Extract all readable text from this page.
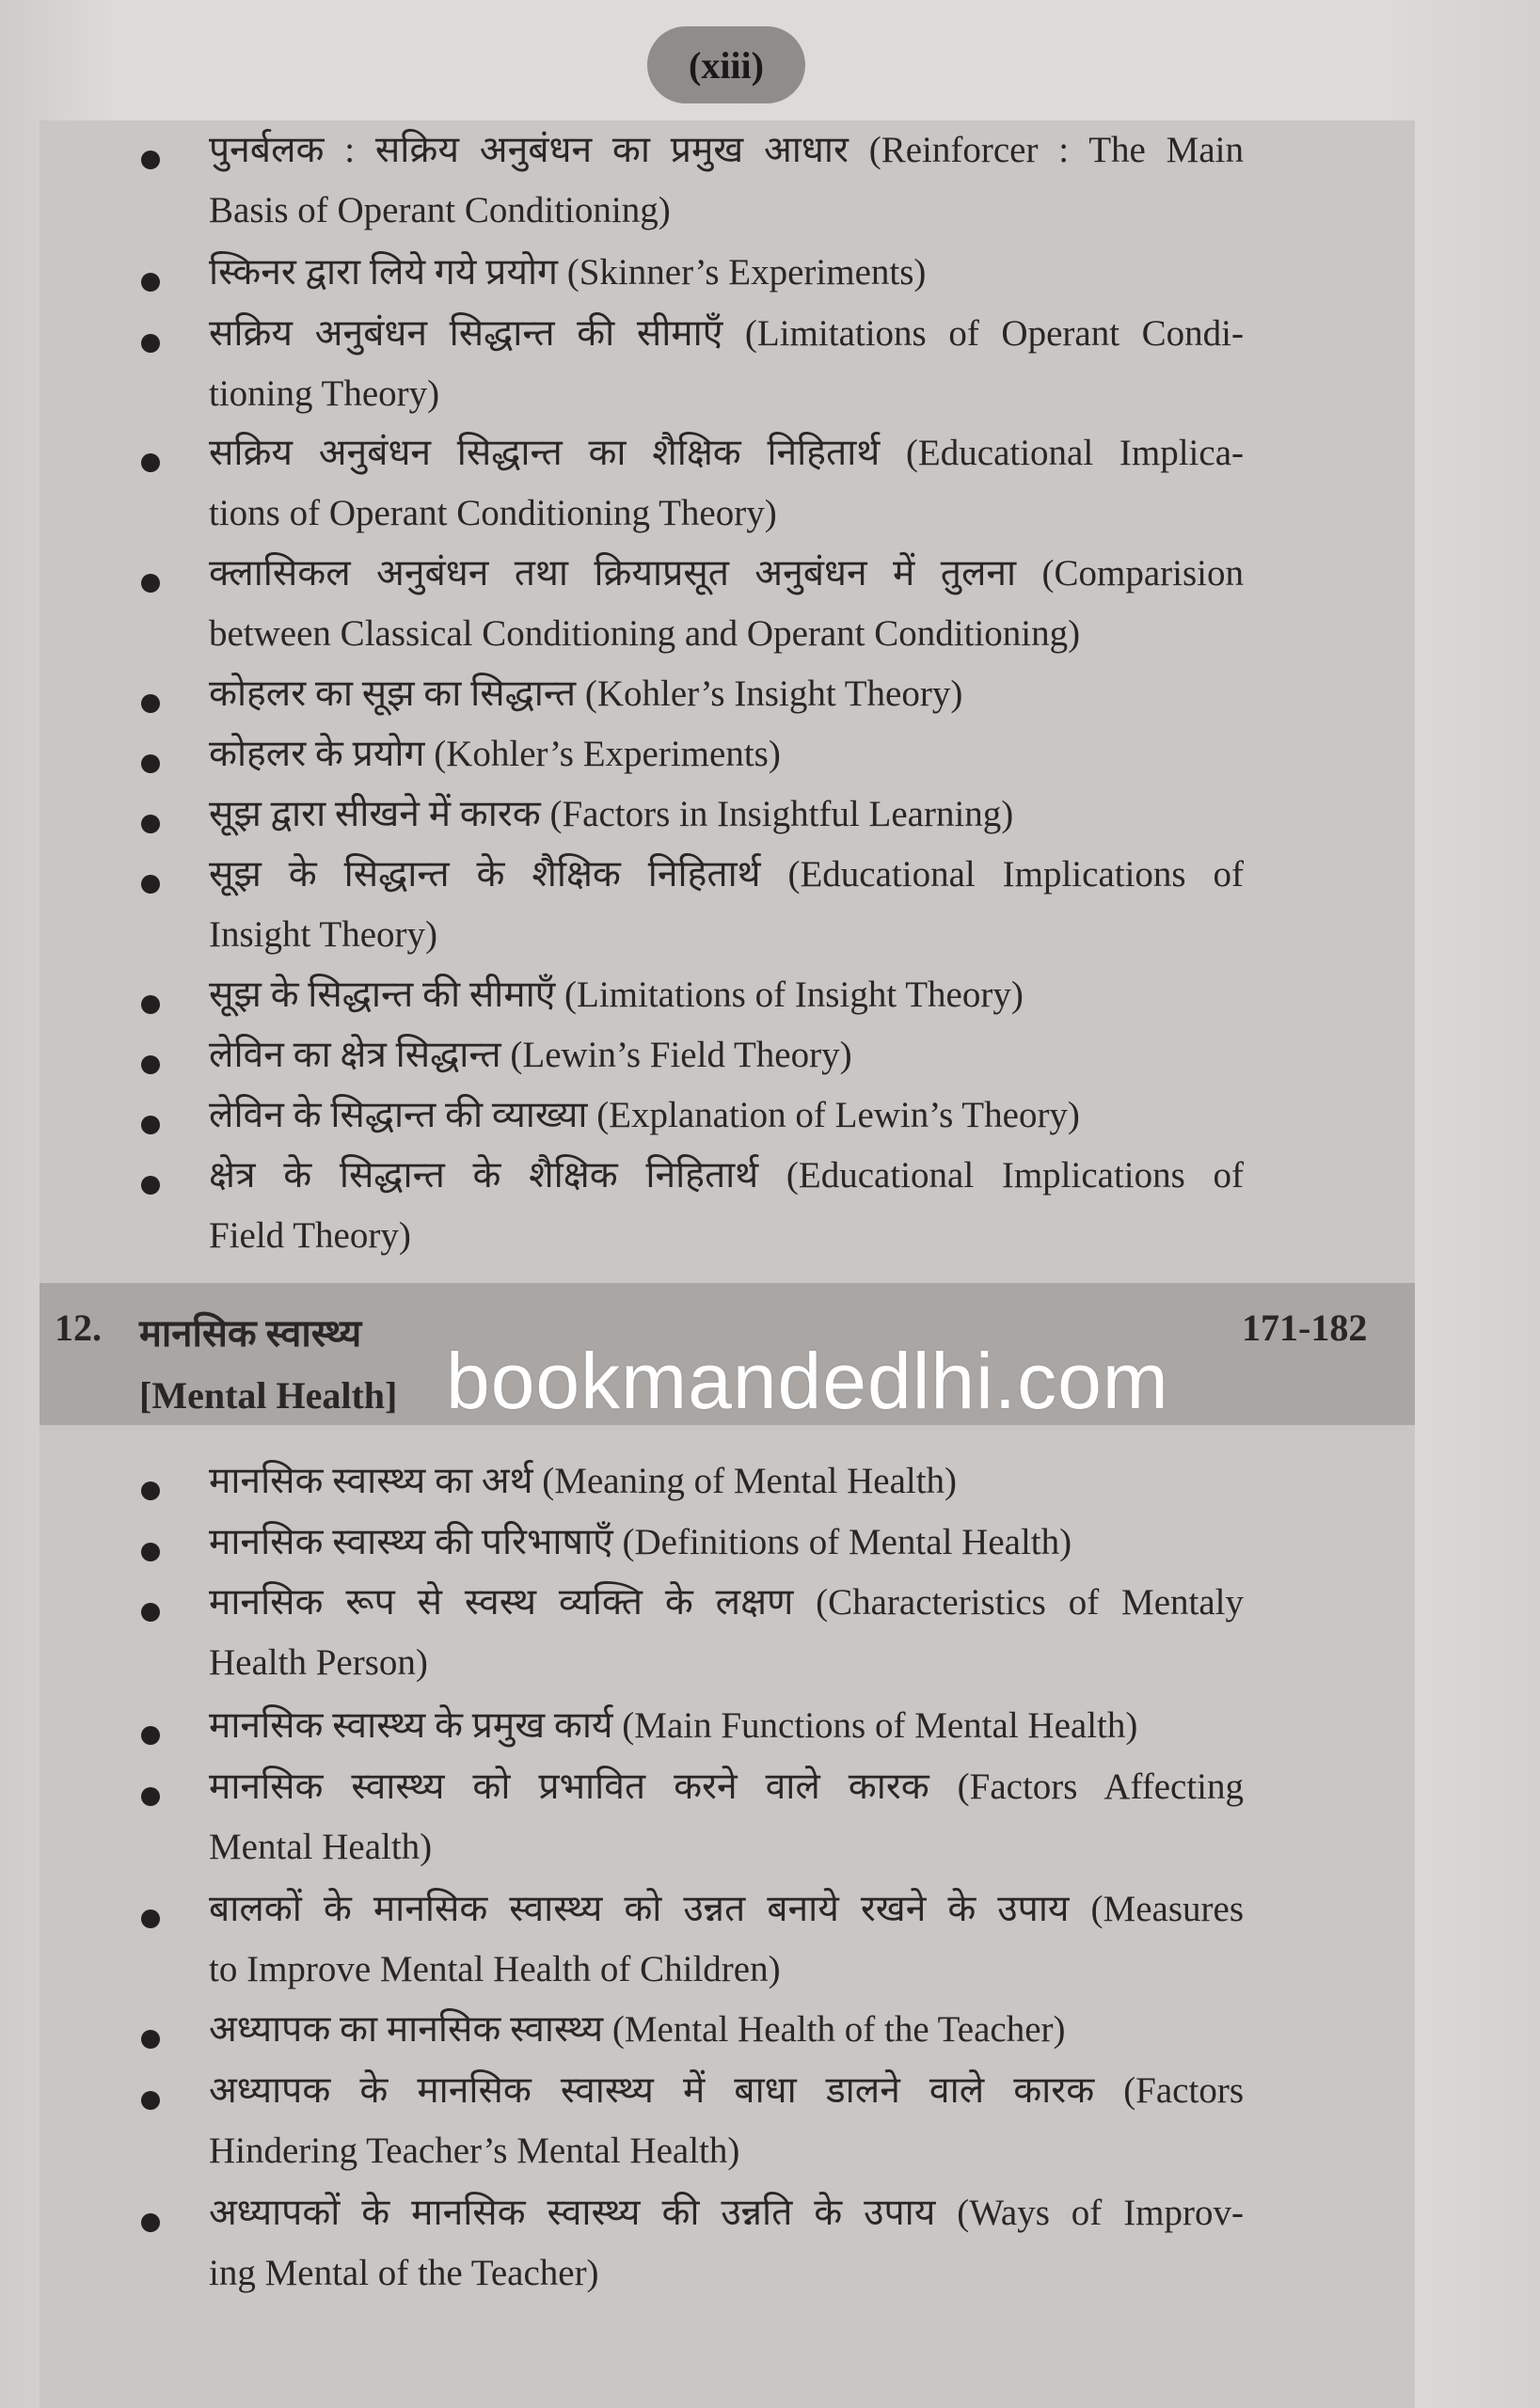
(xiii)
पुनर्बलक : सक्रिय अनुबंधन का प्रमुख आधार (Reinforcer : The Main
Basis of Operant Conditioning)
स्किनर द्वारा लिये गये प्रयोग (Skinner’s Experiments)
सक्रिय अनुबंधन सिद्धान्त की सीमाएँ (Limitations of Operant Condi-
tioning Theory)
सक्रिय अनुबंधन सिद्धान्त का शैक्षिक निहितार्थ (Educational Implica-
tions of Operant Conditioning Theory)
क्लासिकल अनुबंधन तथा क्रियाप्रसूत अनुबंधन में तुलना (Comparision
between Classical Conditioning and Operant Conditioning)
कोहलर का सूझ का सिद्धान्त (Kohler’s Insight Theory)
कोहलर के प्रयोग (Kohler’s Experiments)
सूझ द्वारा सीखने में कारक (Factors in Insightful Learning)
सूझ के सिद्धान्त के शैक्षिक निहितार्थ (Educational Implications of
Insight Theory)
सूझ के सिद्धान्त की सीमाएँ (Limitations of Insight Theory)
लेविन का क्षेत्र सिद्धान्त (Lewin’s Field Theory)
लेविन के सिद्धान्त की व्याख्या (Explanation of Lewin’s Theory)
क्षेत्र के सिद्धान्त के शैक्षिक निहितार्थ (Educational Implications of
Field Theory)
12. मानसिक स्वास्थ्य
[Mental Health]
171-182
bookmandedlhi.com
मानसिक स्वास्थ्य का अर्थ (Meaning of Mental Health)
मानसिक स्वास्थ्य की परिभाषाएँ (Definitions of Mental Health)
मानसिक रूप से स्वस्थ व्यक्ति के लक्षण (Characteristics of Mentaly
Health Person)
मानसिक स्वास्थ्य के प्रमुख कार्य (Main Functions of Mental Health)
मानसिक स्वास्थ्य को प्रभावित करने वाले कारक (Factors Affecting
Mental Health)
बालकों के मानसिक स्वास्थ्य को उन्नत बनाये रखने के उपाय (Measures
to Improve Mental Health of Children)
अध्यापक का मानसिक स्वास्थ्य (Mental Health of the Teacher)
अध्यापक के मानसिक स्वास्थ्य में बाधा डालने वाले कारक (Factors
Hindering Teacher’s Mental Health)
अध्यापकों के मानसिक स्वास्थ्य की उन्नति के उपाय (Ways of Improv-
ing Mental of the Teacher)
